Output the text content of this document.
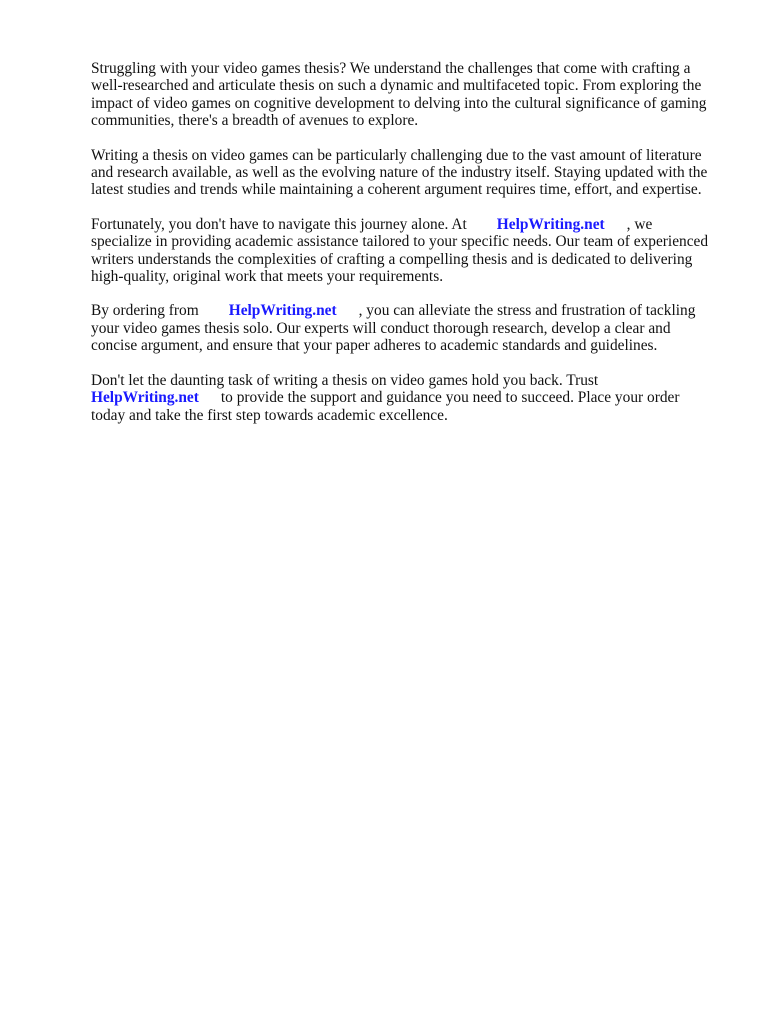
Struggling with your video games thesis? We understand the challenges that come with crafting a well-researched and articulate thesis on such a dynamic and multifaceted topic. From exploring the impact of video games on cognitive development to delving into the cultural significance of gaming communities, there's a breadth of avenues to explore.

Writing a thesis on video games can be particularly challenging due to the vast amount of literature and research available, as well as the evolving nature of the industry itself. Staying updated with the latest studies and trends while maintaining a coherent argument requires time, effort, and expertise.

Fortunately, you don't have to navigate this journey alone. At HelpWriting.net , we specialize in providing academic assistance tailored to your specific needs. Our team of experienced writers understands the complexities of crafting a compelling thesis and is dedicated to delivering high-quality, original work that meets your requirements.

By ordering from HelpWriting.net , you can alleviate the stress and frustration of tackling your video games thesis solo. Our experts will conduct thorough research, develop a clear and concise argument, and ensure that your paper adheres to academic standards and guidelines.

Don't let the daunting task of writing a thesis on video games hold you back. Trust HelpWriting.net to provide the support and guidance you need to succeed. Place your order today and take the first step towards academic excellence.
